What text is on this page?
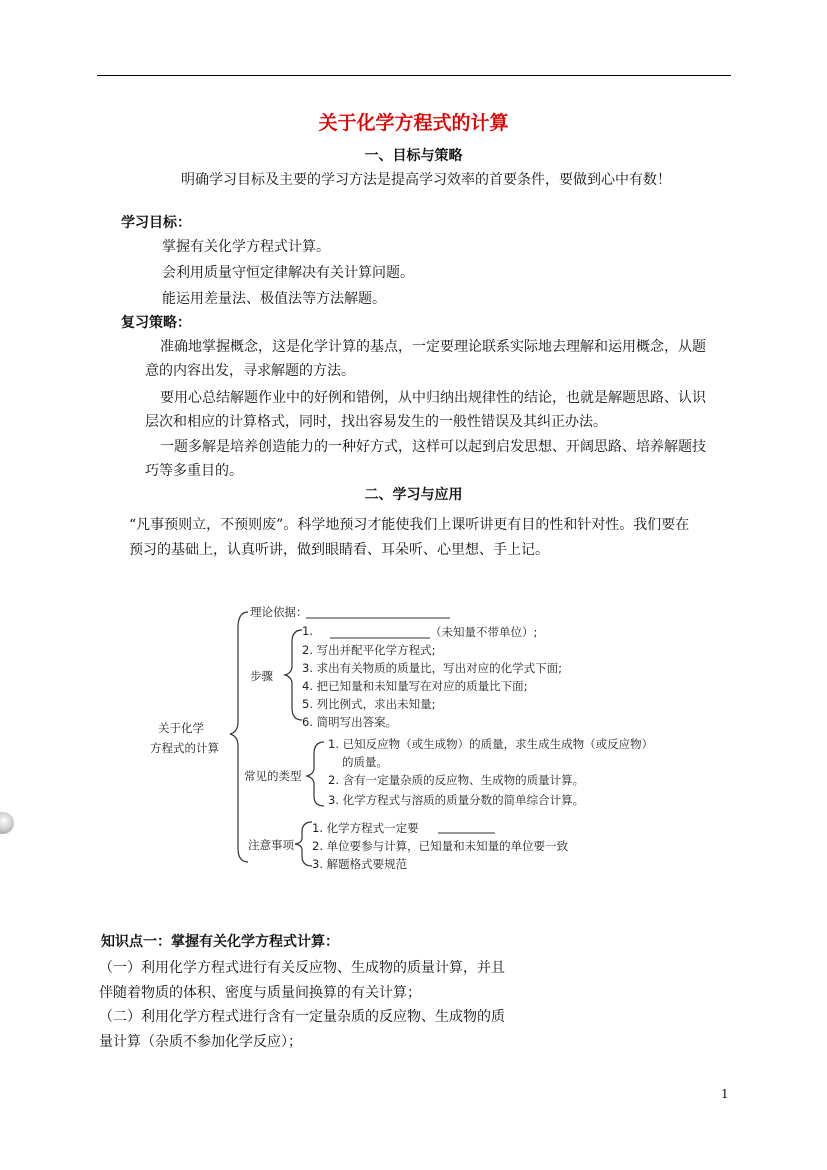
关于化学方程式的计算
一、目标与策略
明确学习目标及主要的学习方法是提高学习效率的首要条件，要做到心中有数！
学习目标：
掌握有关化学方程式计算。
会利用质量守恒定律解决有关计算问题。
能运用差量法、极值法等方法解题。
复习策略：
准确地掌握概念，这是化学计算的基点，一定要理论联系实际地去理解和运用概念，从题
意的内容出发，寻求解题的方法。
要用心总结解题作业中的好例和错例，从中归纳出规律性的结论，也就是解题思路、认识
层次和相应的计算格式，同时，找出容易发生的一般性错误及其纠正办法。
一题多解是培养创造能力的一种好方式，这样可以起到启发思想、开阔思路、培养解题技
巧等多重目的。
二、学习与应用
“凡事预则立，不预则废”。科学地预习才能使我们上课听讲更有目的性和针对性。我们要在
预习的基础上，认真听讲，做到眼睛看、耳朵听、心里想、手上记。
关于化学
方程式的计算
理论依据：
步骤
1.	（未知量不带单位）;
2. 写出并配平化学方程式;
3. 求出有关物质的质量比，写出对应的化学式下面;
4. 把已知量和未知量写在对应的质量比下面;
5. 列比例式，求出未知量;
6. 简明写出答案。
常见的类型
1. 已知反应物（或生成物）的质量，求生成生成物（或反应物）
的质量。
2. 含有一定量杂质的反应物、生成物的质量计算。
3. 化学方程式与溶质的质量分数的简单综合计算。
注意事项
1. 化学方程式一定要
2. 单位要参与计算，已知量和未知量的单位要一致
3. 解题格式要规范
知识点一：掌握有关化学方程式计算：
（一）利用化学方程式进行有关反应物、生成物的质量计算，并且
伴随着物质的体积、密度与质量间换算的有关计算；
（二）利用化学方程式进行含有一定量杂质的反应物、生成物的质
量计算（杂质不参加化学反应）；
1
